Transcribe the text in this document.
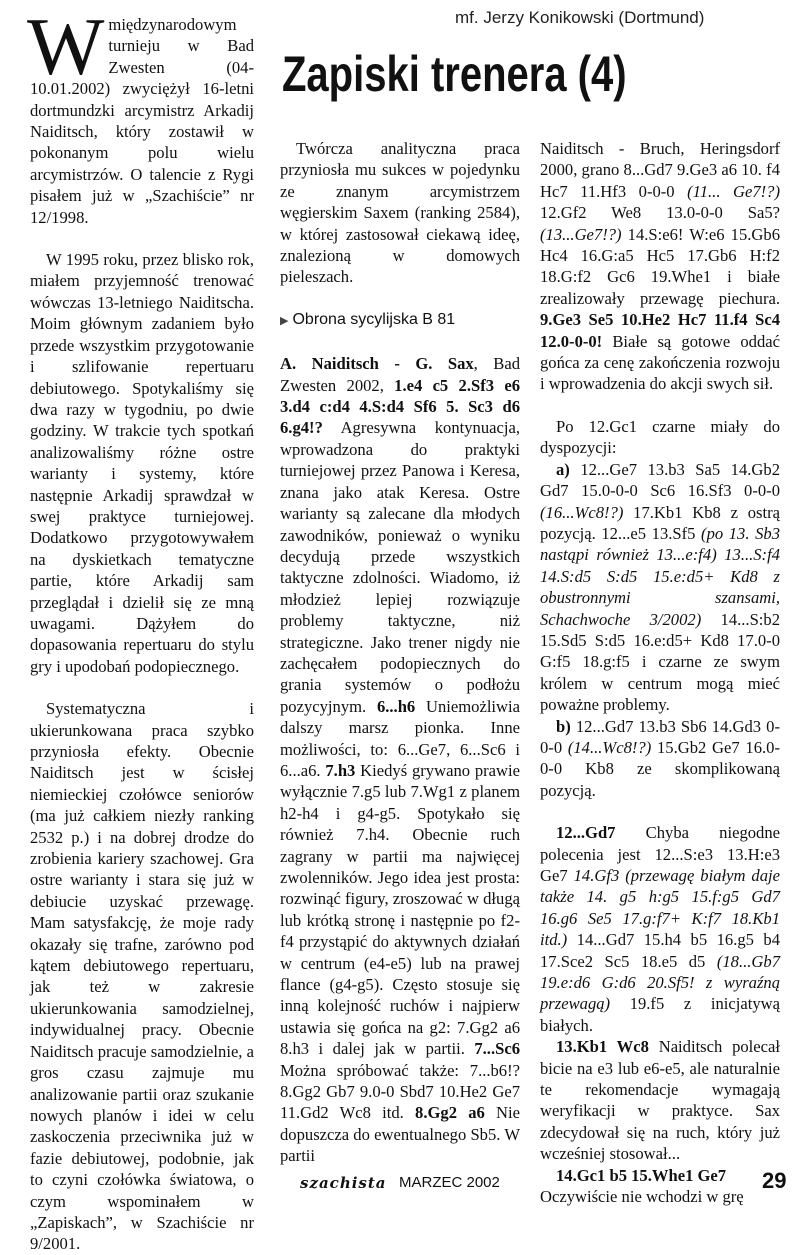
mf. Jerzy Konikowski (Dortmund)
Zapiski trenera (4)

Wmiędzynarodowym turnieju w Bad Zwesten (04-10.01.2002) zwyciężył 16-letni dortmundzki arcymistrz Arkadij Naiditsch, który zostawił w pokonanym polu wielu arcymistrzów. O talencie z Rygi pisałem już w „Szachiście” nr 12/1998.

W 1995 roku, przez blisko rok, miałem przyjemność trenować wówczas 13-letniego Naiditscha. Moim głównym zadaniem było przede wszystkim przygotowanie i szlifowanie repertuaru debiutowego. Spotykaliśmy się dwa razy w tygodniu, po dwie godziny. W trakcie tych spotkań analizowaliśmy różne ostre warianty i systemy, które następnie Arkadij sprawdzał w swej praktyce turniejowej. Dodatkowo przygotowywałem na dyskietkach tematyczne partie, które Arkadij sam przeglądał i dzielił się ze mną uwagami. Dążyłem do dopasowania repertuaru do stylu gry i upodobań podopiecznego.

Systematyczna i ukierunkowana praca szybko przyniosła efekty. Obecnie Naiditsch jest w ścisłej niemieckiej czołówce seniorów (ma już całkiem niezły ranking 2532 p.) i na dobrej drodze do zrobienia kariery szachowej. Gra ostre warianty i stara się już w debiucie uzyskać przewagę. Mam satysfakcję, że moje rady okazały się trafne, zarówno pod kątem debiutowego repertuaru, jak też w zakresie ukierunkowania samodzielnej, indywidualnej pracy. Obecnie Naiditsch pracuje samodzielnie, a gros czasu zajmuje mu analizowanie partii oraz szukanie nowych planów i idei w celu zaskoczenia przeciwnika już w fazie debiutowej, podobnie, jak to czyni czołówka światowa, o czym wspominałem w „Zapiskach”, w Szachiście nr 9/2001.

Twórcza analityczna praca przyniosła mu sukces w pojedynku ze znanym arcymistrzem węgierskim Saxem (ranking 2584), w której zastosował ciekawą ideę, znalezioną w domowych pieleszach.

▶ Obrona sycylijska B 81

A. Naiditsch - G. Sax, Bad Zwesten 2002, 1.e4 c5 2.Sf3 e6 3.d4 c:d4 4.S:d4 Sf6 5. Sc3 d6 6.g4!? Agresywna kontynuacja, wprowadzona do praktyki turniejowej przez Panowa i Keresa, znana jako atak Keresa. Ostre warianty są zalecane dla młodych zawodników, ponieważ o wyniku decydują przede wszystkich taktyczne zdolności. Wiadomo, iż młodzież lepiej rozwiązuje problemy taktyczne, niż strategiczne. Jako trener nigdy nie zachęcałem podopiecznych do grania systemów o podłożu pozycyjnym. 6...h6 Uniemożliwia dalszy marsz pionka. Inne możliwości, to: 6...Ge7, 6...Sc6 i 6...a6. 7.h3 Kiedyś grywano prawie wyłącznie 7.g5 lub 7.Wg1 z planem h2-h4 i g4-g5. Spotykało się również 7.h4. Obecnie ruch zagrany w partii ma najwięcej zwolenników. Jego idea jest prosta: rozwinąć figury, zroszować w długą lub krótką stronę i następnie po f2-f4 przystąpić do aktywnych działań w centrum (e4-e5) lub na prawej flance (g4-g5). Często stosuje się inną kolejność ruchów i najpierw ustawia się gońca na g2: 7.Gg2 a6 8.h3 i dalej jak w partii. 7...Sc6 Można spróbować także: 7...b6!? 8.Gg2 Gb7 9.0-0 Sbd7 10.He2 Ge7 11.Gd2 Wc8 itd. 8.Gg2 a6 Nie dopuszcza do ewentualnego Sb5. W partii

Naiditsch - Bruch, Heringsdorf 2000, grano 8...Gd7 9.Ge3 a6 10. f4 Hc7 11.Hf3 0-0-0 (11... Ge7!?) 12.Gf2 We8 13.0-0-0 Sa5? (13...Ge7!?) 14.S:e6! W:e6 15.Gb6 Hc4 16.G:a5 Hc5 17.Gb6 H:f2 18.G:f2 Gc6 19.Whe1 i białe zrealizowały przewagę piechura. 9.Ge3 Se5 10.He2 Hc7 11.f4 Sc4 12.0-0-0! Białe są gotowe oddać gońca za cenę zakończenia rozwoju i wprowadzenia do akcji swych sił.

Po 12.Gc1 czarne miały do dyspozycji:

a) 12...Ge7 13.b3 Sa5 14.Gb2 Gd7 15.0-0-0 Sc6 16.Sf3 0-0-0 (16...Wc8!?) 17.Kb1 Kb8 z ostrą pozycją. 12...e5 13.Sf5 (po 13. Sb3 nastąpi również 13...e:f4) 13...S:f4 14.S:d5 S:d5 15.e:d5+ Kd8 z obustronnymi szansami, Schachwoche 3/2002) 14...S:b2 15.Sd5 S:d5 16.e:d5+ Kd8 17.0-0 G:f5 18.g:f5 i czarne ze swym królem w centrum mogą mieć poważne problemy.

b) 12...Gd7 13.b3 Sb6 14.Gd3 0-0-0 (14...Wc8!?) 15.Gb2 Ge7 16.0-0-0 Kb8 ze skomplikowaną pozycją.

12...Gd7 Chyba niegodne polecenia jest 12...S:e3 13.H:e3 Ge7 14.Gf3 (przewagę białym daje także 14. g5 h:g5 15.f:g5 Gd7 16.g6 Se5 17.g:f7+ K:f7 18.Kb1 itd.) 14...Gd7 15.h4 b5 16.g5 b4 17.Sce2 Sc5 18.e5 d5 (18...Gb7 19.e:d6 G:d6 20.Sf5! z wyraźną przewagą) 19.f5 z inicjatywą białych.

13.Kb1 Wc8 Naiditsch polecał bicie na e3 lub e6-e5, ale naturalnie te rekomendacje wymagają weryfikacji w praktyce. Sax zdecydował się na ruch, który już wcześniej stosował...

14.Gc1 b5 15.Whe1 Ge7

Oczywiście nie wchodzi w grę

szachista MARZEC 2002	29
